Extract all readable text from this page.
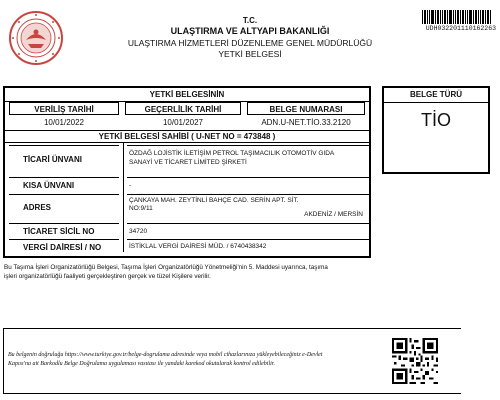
T.C.
ULAŞTIRMA VE ALTYAPI BAKANLIĞI
ULAŞTIRMA HİZMETLERİ DÜZENLEME GENEL MÜDÜRLÜĞÜ
YETKİ BELGESİ
UDH032201110162263
YETKİ BELGESİNİN
VERİLİŞ TARİHİ	GEÇERLİLİK TARİHİ	BELGE NUMARASI
10/01/2022	10/01/2027	ADN.U-NET.TİO.33.2120
YETKİ BELGESİ SAHİBİ ( U-NET NO = 473848 )
TİCARİ ÜNVANI
ÖZDAĞ LOJİSTİK İLETİŞİM PETROL TAŞIMACILIK OTOMOTİV GIDA
SANAYİ VE TİCARET LİMİTED ŞİRKETİ
KISA ÜNVANI	-
ADRES
ÇANKAYA MAH. ZEYTİNLİ BAHÇE CAD. SERİN APT. SİT.
NO:9/11
AKDENİZ / MERSİN
TİCARET SİCİL NO	34720
VERGİ DAİRESİ / NO	İSTİKLAL VERGİ DAİRESİ MÜD. / 6740438342
BELGE TÜRÜ
TİO
Bu Taşıma İşleri Organizatörlüğü Belgesi, Taşıma İşleri Organizatörlüğü Yönetmeliği'nin 5. Maddesi uyarınca, taşıma
işleri organizatörlüğü faaliyeti gerçekleştiren gerçek ve tüzel Kişilere verilir.
Bu belgenin doğruluğu https://www.turkiye.gov.tr/belge-dogrulama adresinde veya mobil cihazlarınıza yükleyebileceğiniz e-Devlet
Kapısı'na ait Barkodlu Belge Doğrulama uygulaması vasıtası ile yandaki karekod okutularak kontrol edilebilir.
